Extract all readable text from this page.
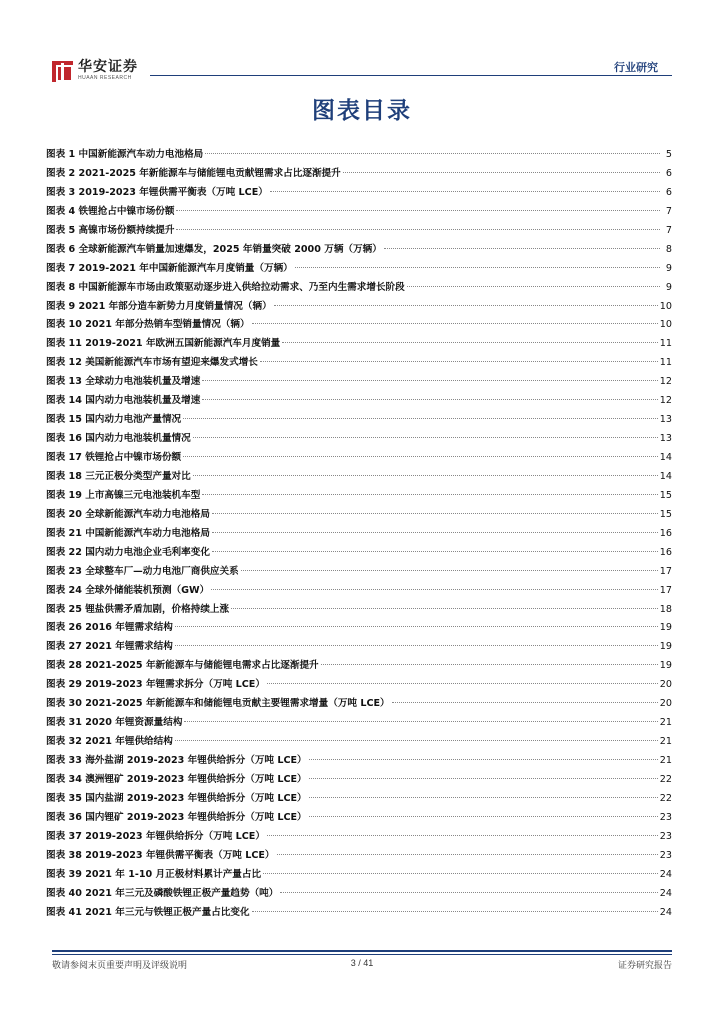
华安证券
HUAAN RESEARCH
行业研究
图表目录
图表 1 中国新能源汽车动力电池格局	5
图表 2 2021-2025 年新能源车与储能锂电贡献锂需求占比逐渐提升	6
图表 3 2019-2023 年锂供需平衡表（万吨 LCE）	6
图表 4 铁锂抢占中镍市场份额	7
图表 5 高镍市场份额持续提升	7
图表 6 全球新能源汽车销量加速爆发，2025 年销量突破 2000 万辆（万辆）	8
图表 7 2019-2021 年中国新能源汽车月度销量（万辆）	9
图表 8 中国新能源车市场由政策驱动逐步进入供给拉动需求、乃至内生需求增长阶段	9
图表 9 2021 年部分造车新势力月度销量情况（辆）	10
图表 10 2021 年部分热销车型销量情况（辆）	10
图表 11 2019-2021 年欧洲五国新能源汽车月度销量	11
图表 12 美国新能源汽车市场有望迎来爆发式增长	11
图表 13 全球动力电池装机量及增速	12
图表 14 国内动力电池装机量及增速	12
图表 15 国内动力电池产量情况	13
图表 16 国内动力电池装机量情况	13
图表 17 铁锂抢占中镍市场份额	14
图表 18 三元正极分类型产量对比	14
图表 19 上市高镍三元电池装机车型	15
图表 20 全球新能源汽车动力电池格局	15
图表 21 中国新能源汽车动力电池格局	16
图表 22 国内动力电池企业毛利率变化	16
图表 23 全球整车厂—动力电池厂商供应关系	17
图表 24 全球外储能装机预测（GW）	17
图表 25 锂盐供需矛盾加剧，价格持续上涨	18
图表 26 2016 年锂需求结构	19
图表 27 2021 年锂需求结构	19
图表 28 2021-2025 年新能源车与储能锂电需求占比逐渐提升	19
图表 29 2019-2023 年锂需求拆分（万吨 LCE）	20
图表 30 2021-2025 年新能源车和储能锂电贡献主要锂需求增量（万吨 LCE）	20
图表 31 2020 年锂资源量结构	21
图表 32 2021 年锂供给结构	21
图表 33 海外盐湖 2019-2023 年锂供给拆分（万吨 LCE）	21
图表 34 澳洲锂矿 2019-2023 年锂供给拆分（万吨 LCE）	22
图表 35 国内盐湖 2019-2023 年锂供给拆分（万吨 LCE）	22
图表 36 国内锂矿 2019-2023 年锂供给拆分（万吨 LCE）	23
图表 37 2019-2023 年锂供给拆分（万吨 LCE）	23
图表 38 2019-2023 年锂供需平衡表（万吨 LCE）	23
图表 39 2021 年 1-10 月正极材料累计产量占比	24
图表 40 2021 年三元及磷酸铁锂正极产量趋势（吨）	24
图表 41 2021 年三元与铁锂正极产量占比变化	24
敬请参阅末页重要声明及评级说明	3 / 41	证券研究报告
